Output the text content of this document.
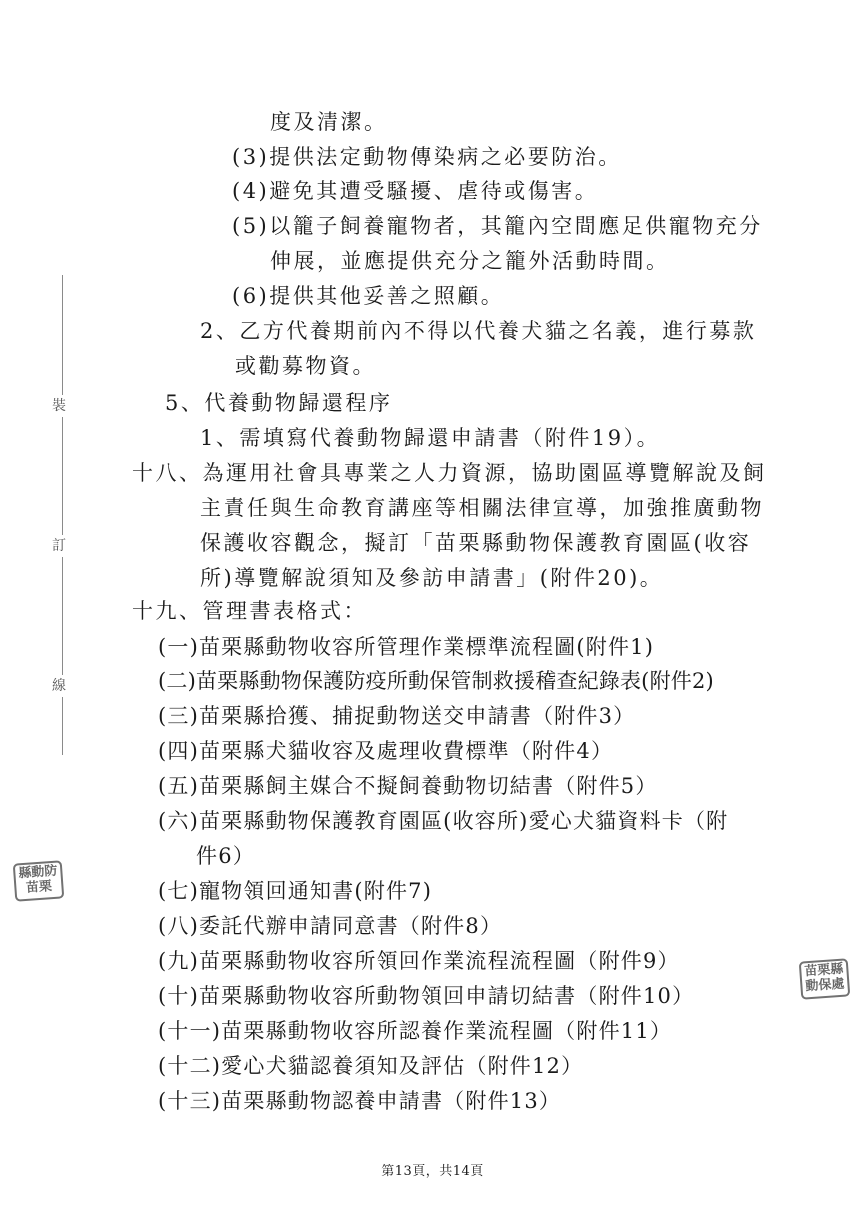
裝
訂
線
縣動防
苗栗
苗栗縣
動保處
度及清潔。
(3)提供法定動物傳染病之必要防治。
(4)避免其遭受騷擾、虐待或傷害。
(5)以籠子飼養寵物者，其籠內空間應足供寵物充分
伸展，並應提供充分之籠外活動時間。
(6)提供其他妥善之照顧。
2、乙方代養期前內不得以代養犬貓之名義，進行募款
或勸募物資。
5、代養動物歸還程序
1、需填寫代養動物歸還申請書（附件19）。
十八、為運用社會具專業之人力資源，協助園區導覽解說及飼
主責任與生命教育講座等相關法律宣導，加強推廣動物
保護收容觀念，擬訂「苗栗縣動物保護教育園區(收容
所)導覽解說須知及參訪申請書」(附件20)。
十九、管理書表格式：
(一)苗栗縣動物收容所管理作業標準流程圖(附件1)
(二)苗栗縣動物保護防疫所動保管制救援稽查紀錄表(附件2)
(三)苗栗縣拾獲、捕捉動物送交申請書（附件3）
(四)苗栗縣犬貓收容及處理收費標準（附件4）
(五)苗栗縣飼主媒合不擬飼養動物切結書（附件5）
(六)苗栗縣動物保護教育園區(收容所)愛心犬貓資料卡（附
件6）
(七)寵物領回通知書(附件7)
(八)委託代辦申請同意書（附件8）
(九)苗栗縣動物收容所領回作業流程流程圖（附件9）
(十)苗栗縣動物收容所動物領回申請切結書（附件10）
(十一)苗栗縣動物收容所認養作業流程圖（附件11）
(十二)愛心犬貓認養須知及評估（附件12）
(十三)苗栗縣動物認養申請書（附件13）
第13頁，共14頁
